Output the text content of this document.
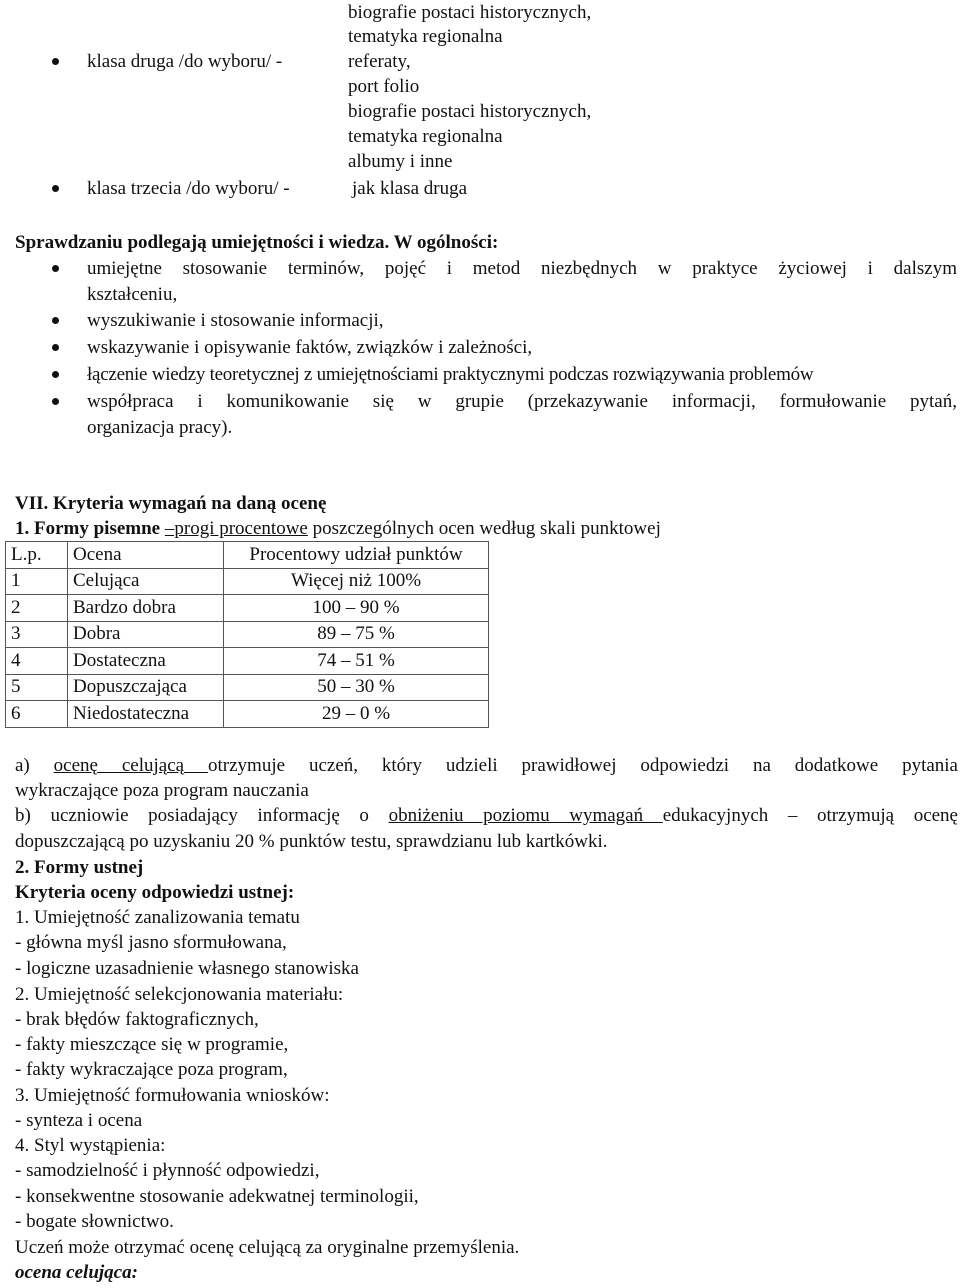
biografie postaci historycznych,
tematyka regionalna
klasa druga /do wyboru/ -	referaty,
port folio
biografie postaci historycznych,
tematyka regionalna
albumy i inne
klasa trzecia /do wyboru/ -	jak klasa druga
Sprawdzaniu podlegają umiejętności i wiedza. W ogólności:
umiejętne stosowanie terminów, pojęć i metod niezbędnych w praktyce życiowej i dalszym
kształceniu,
wyszukiwanie i stosowanie informacji,
wskazywanie i opisywanie faktów, związków i zależności,
łączenie wiedzy teoretycznej z umiejętnościami praktycznymi podczas rozwiązywania problemów
współpraca i komunikowanie się w grupie (przekazywanie informacji, formułowanie pytań,
organizacja pracy).
VII. Kryteria wymagań na daną ocenę
1. Formy pisemne –progi procentowe poszczególnych ocen według skali punktowej
L.p.	Ocena	Procentowy udział punktów
1	Celująca	Więcej niż 100%
2	Bardzo dobra	100 – 90 %
3	Dobra	89 – 75 %
4	Dostateczna	74 – 51 %
5	Dopuszczająca	50 – 30 %
6	Niedostateczna	29 – 0 %
a) ocenę celującą otrzymuje uczeń, który udzieli prawidłowej odpowiedzi na dodatkowe pytania
wykraczające poza program nauczania
b) uczniowie posiadający informację o obniżeniu poziomu wymagań edukacyjnych – otrzymują ocenę
dopuszczającą po uzyskaniu 20 % punktów testu, sprawdzianu lub kartkówki.
2. Formy ustnej
Kryteria oceny odpowiedzi ustnej:
1. Umiejętność zanalizowania tematu
- główna myśl jasno sformułowana,
- logiczne uzasadnienie własnego stanowiska
2. Umiejętność selekcjonowania materiału:
- brak błędów faktograficznych,
- fakty mieszczące się w programie,
- fakty wykraczające poza program,
3. Umiejętność formułowania wniosków:
- synteza i ocena
4. Styl wystąpienia:
- samodzielność i płynność odpowiedzi,
- konsekwentne stosowanie adekwatnej terminologii,
- bogate słownictwo.
Uczeń może otrzymać ocenę celującą za oryginalne przemyślenia.
ocena celująca:
